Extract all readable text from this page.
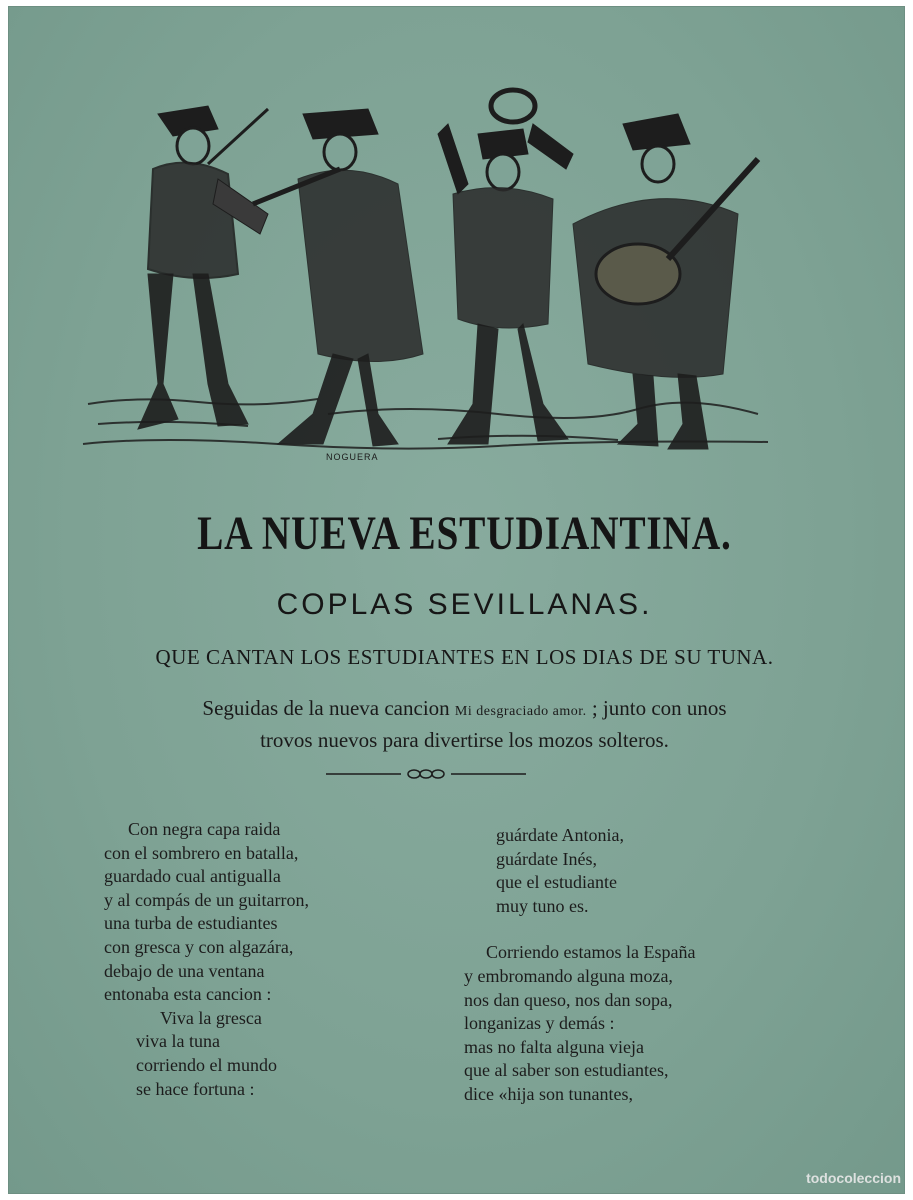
NOGUERA
LA NUEVA ESTUDIANTINA.
COPLAS SEVILLANAS.
QUE CANTAN LOS ESTUDIANTES EN LOS DIAS DE SU TUNA.
Seguidas de la nueva cancion Mi desgraciado amor. ; junto con unos
trovos nuevos para divertirse los mozos solteros.
Con negra capa raida
con el sombrero en batalla,
guardado cual antigualla
y al compás de un guitarron,
una turba de estudiantes
con gresca y con algazára,
debajo de una ventana
entonaba esta cancion :
Viva la gresca
viva la tuna
corriendo el mundo
se hace fortuna :
guárdate Antonia,
guárdate Inés,
que el estudiante
muy tuno es.
Corriendo estamos la España
y embromando alguna moza,
nos dan queso, nos dan sopa,
longanizas y demás :
mas no falta alguna vieja
que al saber son estudiantes,
dice «hija son tunantes,
todocoleccion
